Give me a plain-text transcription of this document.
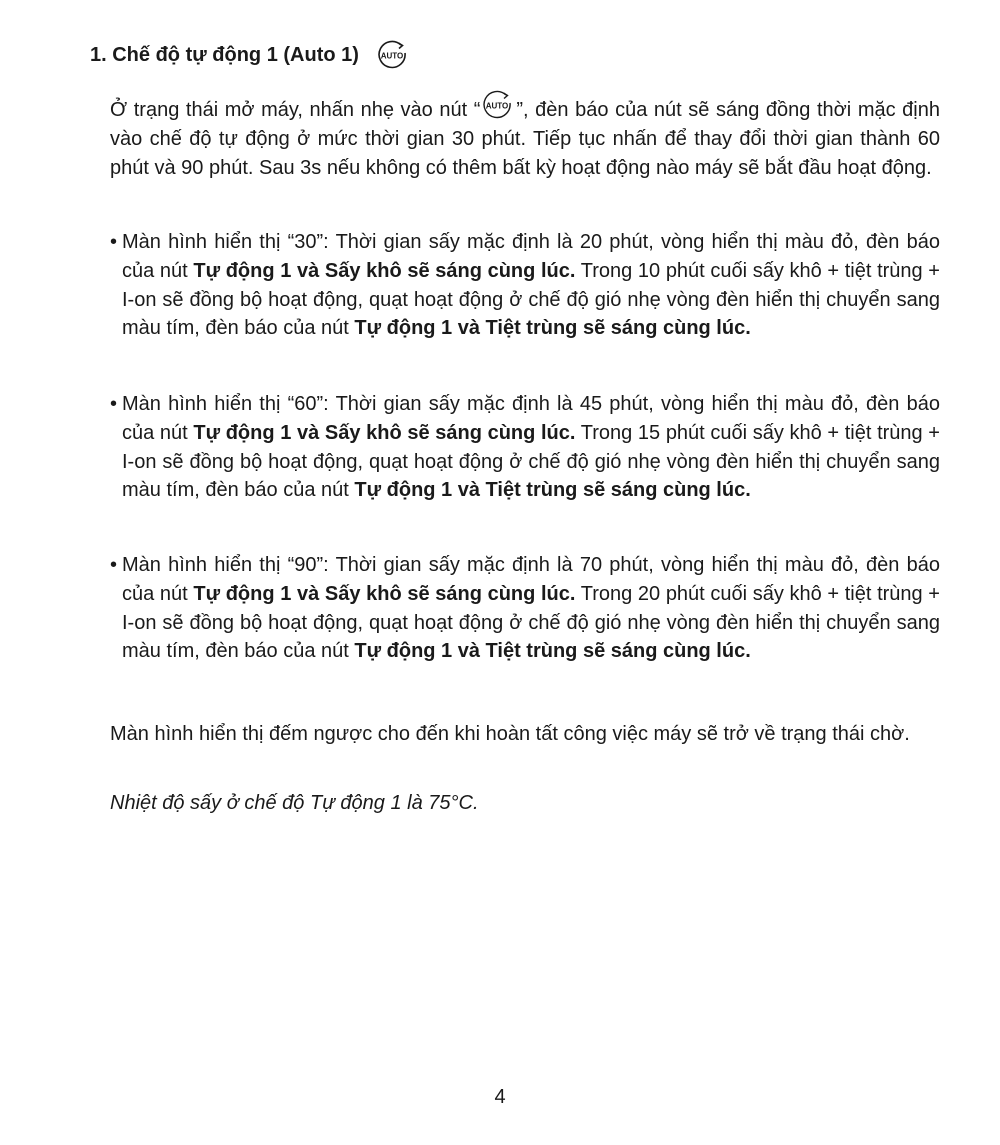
1. Chế độ tự động 1 (Auto 1)	AUTO

Ở trạng thái mở máy, nhấn nhẹ vào nút “ AUTO ”, đèn báo của nút sẽ sáng đồng thời mặc định vào chế độ tự động ở mức thời gian 30 phút. Tiếp tục nhấn để thay đổi thời gian thành 60 phút và 90 phút. Sau 3s nếu không có thêm bất kỳ hoạt động nào máy sẽ bắt đầu hoạt động.

• Màn hình hiển thị “30”: Thời gian sấy mặc định là 20 phút, vòng hiển thị màu đỏ, đèn báo của nút Tự động 1 và Sấy khô sẽ sáng cùng lúc. Trong 10 phút cuối sấy khô + tiệt trùng + I-on sẽ đồng bộ hoạt động, quạt hoạt động ở chế độ gió nhẹ vòng đèn hiển thị chuyển sang màu tím, đèn báo của nút Tự động 1 và Tiệt trùng sẽ sáng cùng lúc.
• Màn hình hiển thị “60”: Thời gian sấy mặc định là 45 phút, vòng hiển thị màu đỏ, đèn báo của nút Tự động 1 và Sấy khô sẽ sáng cùng lúc. Trong 15 phút cuối sấy khô + tiệt trùng + I-on sẽ đồng bộ hoạt động, quạt hoạt động ở chế độ gió nhẹ vòng đèn hiển thị chuyển sang màu tím, đèn báo của nút Tự động 1 và Tiệt trùng sẽ sáng cùng lúc.
• Màn hình hiển thị “90”: Thời gian sấy mặc định là 70 phút, vòng hiển thị màu đỏ, đèn báo của nút Tự động 1 và Sấy khô sẽ sáng cùng lúc. Trong 20 phút cuối sấy khô + tiệt trùng + I-on sẽ đồng bộ hoạt động, quạt hoạt động ở chế độ gió nhẹ vòng đèn hiển thị chuyển sang màu tím, đèn báo của nút Tự động 1 và Tiệt trùng sẽ sáng cùng lúc.

Màn hình hiển thị đếm ngược cho đến khi hoàn tất công việc máy sẽ trở về trạng thái chờ.

Nhiệt độ sấy ở chế độ Tự động 1 là 75°C.

4
